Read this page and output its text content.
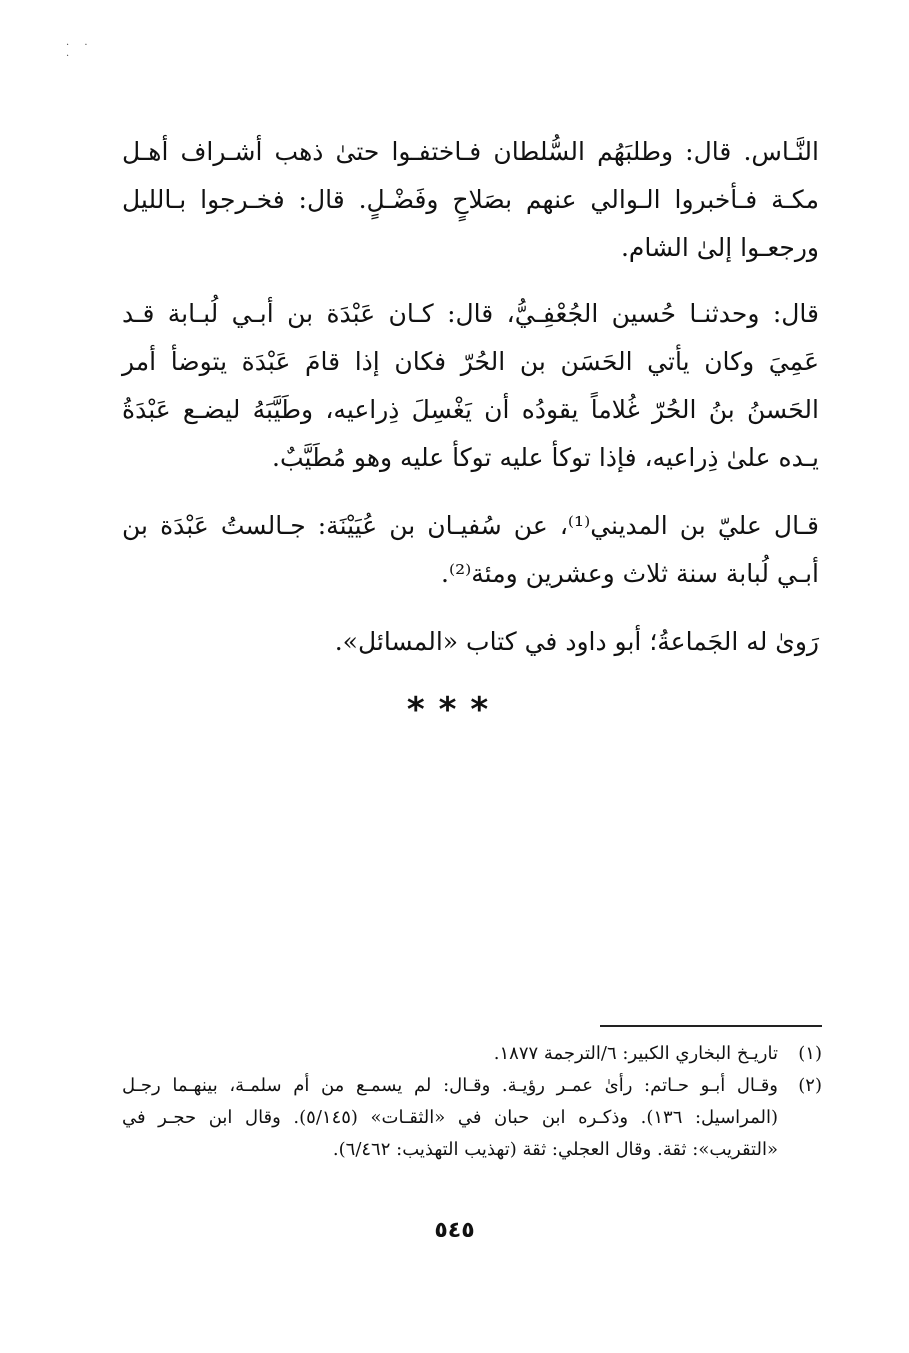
· · ·

النَّـاس. قال: وطلبَهُم السُّلطان فـاختفـوا حتىٰ ذهب أشـراف أهـل مكـة فـأخبروا الـوالي عنهم بصَلاحٍ وفَضْـلٍ. قال: فخـرجوا بـالليل ورجعـوا إلىٰ الشام.

قال: وحدثنـا حُسين الجُعْفِـيُّ، قال: كـان عَبْدَة بن أبـي لُبـابة قـد عَمِيَ وكان يأتي الحَسَن بن الحُرّ فكان إذا قامَ عَبْدَة يتوضأ أمر الحَسنُ بنُ الحُرّ غُلاماً يقودُه أن يَغْسِلَ ذِراعيه، وطَيَّبَهُ ليضـع عَبْدَةُ يـده علىٰ ذِراعيه، فإذا توكأ عليه توكأ عليه وهو مُطَيَّبٌ.

قـال عليّ بن المديني⁽¹⁾، عن سُفيـان بن عُيَيْنَة: جـالستُ عَبْدَة بن أبـي لُبابة سنة ثلاث وعشرين ومئة⁽²⁾.

رَوىٰ له الجَماعةُ؛ أبو داود في كتاب «المسائل».

***
(١)
تاريـخ البخاري الكبير: ٦/الترجمة ١٨٧٧.
(٢)
وقـال أبـو حـاتم: رأىٰ عمـر رؤيـة. وقـال: لم يسمـع من أم سلمـة، بينهـما رجـل (المراسيل: ١٣٦). وذكـره ابن حبان في «الثقـات» (٥/١٤٥). وقال ابن حجـر في «التقريب»: ثقة. وقال العجلي: ثقة (تهذيب التهذيب: ٦/٤٦٢).
٥٤٥
